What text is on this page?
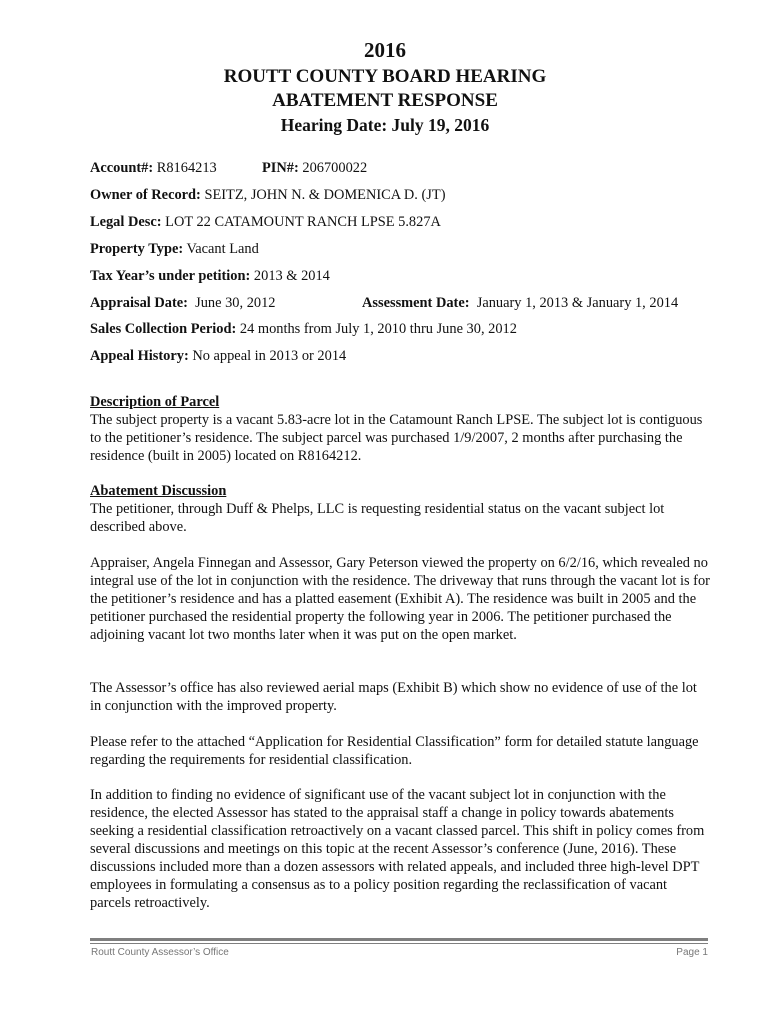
2016
ROUTT COUNTY BOARD HEARING
ABATEMENT RESPONSE
Hearing Date: July 19, 2016
Account#: R8164213	PIN#: 206700022
Owner of Record: SEITZ, JOHN N. & DOMENICA D. (JT)
Legal Desc: LOT 22 CATAMOUNT RANCH LPSE 5.827A
Property Type: Vacant Land
Tax Year’s under petition: 2013 & 2014
Appraisal Date: June 30, 2012	Assessment Date: January 1, 2013 & January 1, 2014
Sales Collection Period: 24 months from July 1, 2010 thru June 30, 2012
Appeal History: No appeal in 2013 or 2014
Description of Parcel
The subject property is a vacant 5.83-acre lot in the Catamount Ranch LPSE. The subject lot is contiguous to the petitioner’s residence. The subject parcel was purchased 1/9/2007, 2 months after purchasing the residence (built in 2005) located on R8164212.
Abatement Discussion
The petitioner, through Duff & Phelps, LLC is requesting residential status on the vacant subject lot described above.
Appraiser, Angela Finnegan and Assessor, Gary Peterson viewed the property on 6/2/16, which revealed no integral use of the lot in conjunction with the residence. The driveway that runs through the vacant lot is for the petitioner’s residence and has a platted easement (Exhibit A). The residence was built in 2005 and the petitioner purchased the residential property the following year in 2006. The petitioner purchased the adjoining vacant lot two months later when it was put on the open market.
The Assessor’s office has also reviewed aerial maps (Exhibit B) which show no evidence of use of the lot in conjunction with the improved property.
Please refer to the attached “Application for Residential Classification” form for detailed statute language regarding the requirements for residential classification.
In addition to finding no evidence of significant use of the vacant subject lot in conjunction with the residence, the elected Assessor has stated to the appraisal staff a change in policy towards abatements seeking a residential classification retroactively on a vacant classed parcel. This shift in policy comes from several discussions and meetings on this topic at the recent Assessor’s conference (June, 2016). These discussions included more than a dozen assessors with related appeals, and included three high-level DPT employees in formulating a consensus as to a policy position regarding the reclassification of vacant parcels retroactively.
Routt County Assessor’s Office	Page 1
